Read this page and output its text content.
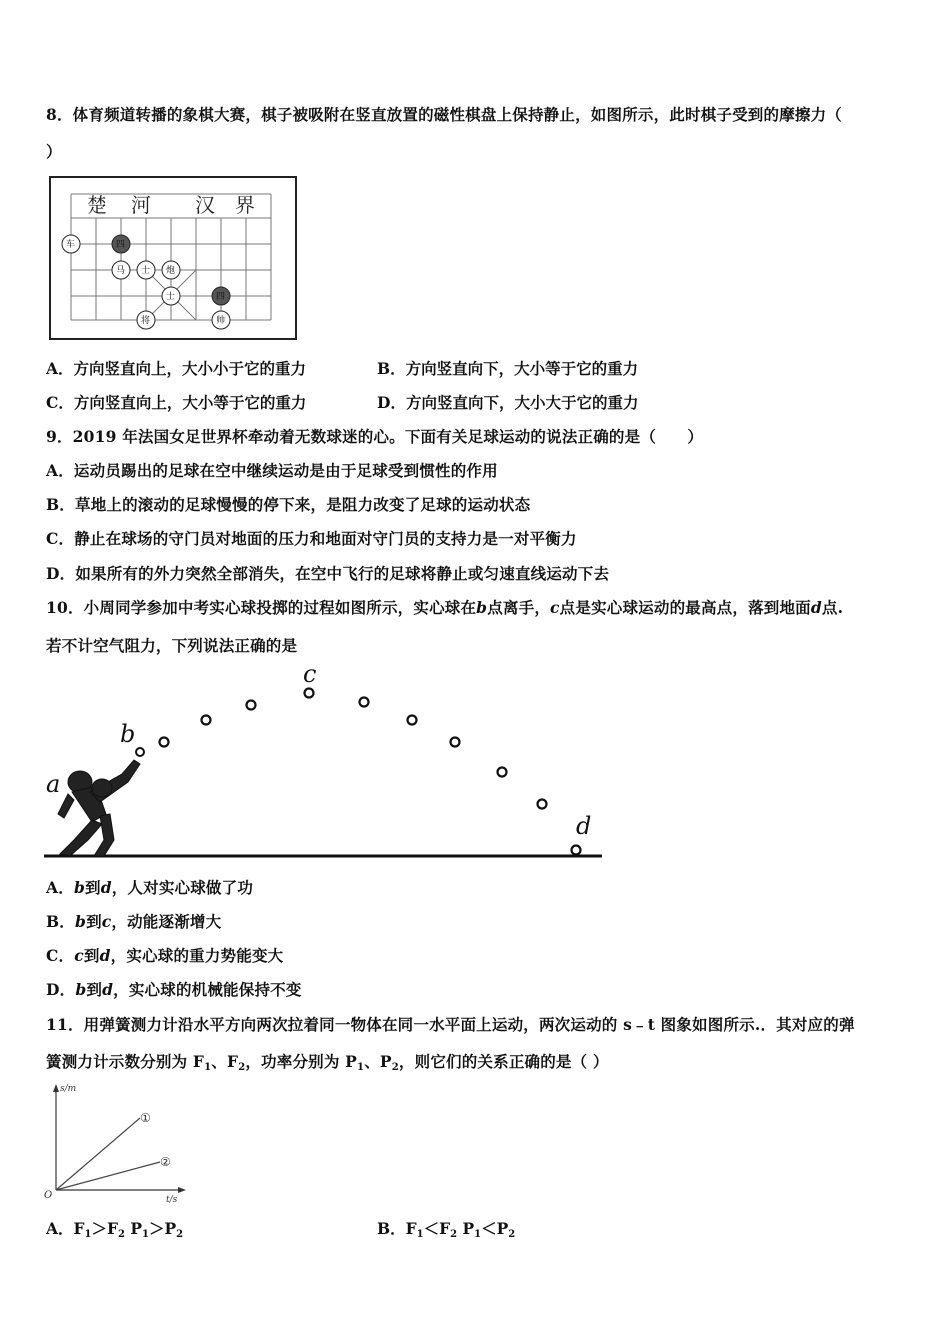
8．体育频道转播的象棋大赛，棋子被吸附在竖直放置的磁性棋盘上保持静止，如图所示，此时棋子受到的摩擦力（
）
楚 河 汉 界
车	四
马 士 炮
士	四
将	帅
A．方向竖直向上，大小小于它的重力	B．方向竖直向下，大小等于它的重力
C．方向竖直向上，大小等于它的重力	D．方向竖直向下，大小大于它的重力
9．2019 年法国女足世界杯牵动着无数球迷的心。下面有关足球运动的说法正确的是（　　）
A．运动员踢出的足球在空中继续运动是由于足球受到惯性的作用
B．草地上的滚动的足球慢慢的停下来，是阻力改变了足球的运动状态
C．静止在球场的守门员对地面的压力和地面对守门员的支持力是一对平衡力
D．如果所有的外力突然全部消失，在空中飞行的足球将静止或匀速直线运动下去
10．小周同学参加中考实心球投掷的过程如图所示，实心球在b点离手，c点是实心球运动的最高点，落到地面d点.
若不计空气阻力，下列说法正确的是
a
b
c
d
A．b到d，人对实心球做了功
B．b到c，动能逐渐增大
C．c到d，实心球的重力势能变大
D．b到d，实心球的机械能保持不变
11．用弹簧测力计沿水平方向两次拉着同一物体在同一水平面上运动，两次运动的 s﹣t 图象如图所示.．其对应的弹
簧测力计示数分别为 $F_1$、$F_2$，功率分别为 $P_1$、$P_2$，则它们的关系正确的是（ ）
s/m
t/s
O
①
②
A．$F_1>F_2$ $P_1>P_2$	B．$F_1<F_2$ $P_1<P_2$
